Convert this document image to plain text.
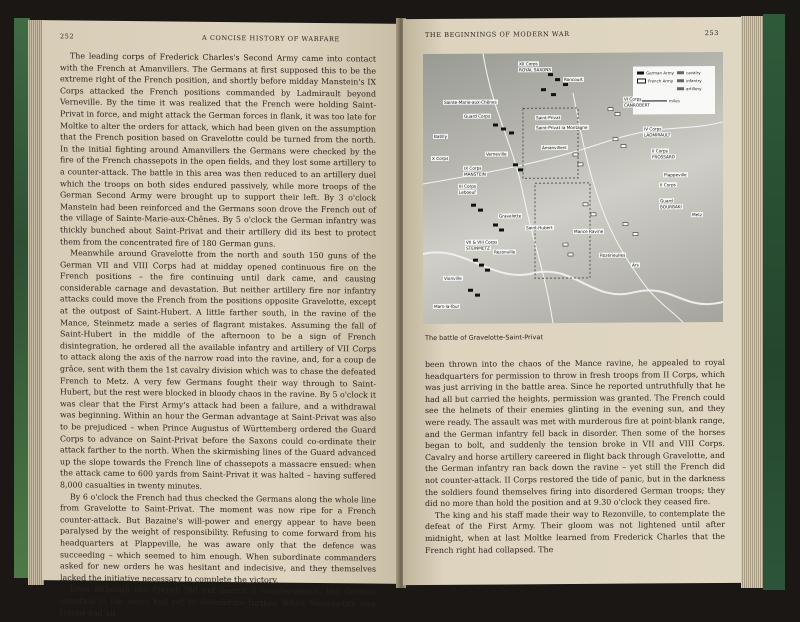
252	A CONCISE HISTORY OF WARFARE

The leading corps of Frederick Charles's Second Army came into contact with the French at Amanvillers. The Germans at first supposed this to be the extreme right of the French position, and shortly before midday Manstein's IX Corps attacked the French positions commanded by Ladmirault beyond Verneville. By the time it was realized that the French were holding Saint-Privat in force, and might attack the German forces in flank, it was too late for Moltke to alter the orders for attack, which had been given on the assumption that the French position based on Gravelotte could be turned from the north. In the initial fighting around Amanvillers the Germans were checked by the fire of the French chassepots in the open fields, and they lost some artillery to a counter-attack. The battle in this area was then reduced to an artillery duel which the troops on both sides endured passively, while more troops of the German Second Army were brought up to support their left. By 3 o'clock Manstein had been reinforced and the Germans soon drove the French out of the village of Sainte-Marie-aux-Chênes. By 5 o'clock the German infantry was thickly bunched about Saint-Privat and their artillery did its best to protect them from the concentrated fire of 180 German guns.

Meanwhile around Gravelotte from the north and south 150 guns of the German VII and VIII Corps had at midday opened continuous fire on the French positions – the fire continuing until dark came, and causing considerable carnage and devastation. But neither artillery fire nor infantry attacks could move the French from the positions opposite Gravelotte, except at the outpost of Saint-Hubert. A little farther south, in the ravine of the Mance, Steinmetz made a series of flagrant mistakes. Assuming the fall of Saint-Hubert in the middle of the afternoon to be a sign of French disintegration, he ordered all the available infantry and artillery of VII Corps to attack along the axis of the narrow road into the ravine, and, for a coup de grâce, sent with them the 1st cavalry division which was to chase the defeated French to Metz. A very few Germans fought their way through to Saint-Hubert, but the rest were blocked in bloody chaos in the ravine. By 5 o'clock it was clear that the First Army's attack had been a failure, and a withdrawal was beginning. Within an hour the German advantage at Saint-Privat was also to be prejudiced – when Prince Augustus of Württemberg ordered the Guard Corps to advance on Saint-Privat before the Saxons could co-ordinate their attack farther to the north. When the skirmishing lines of the Guard advanced up the slope towards the French line of chassepots a massacre ensued: when the attack came to 600 yards from Saint-Privat it was halted – having suffered 8,000 casualties in twenty minutes.

By 6 o'clock the French had thus checked the Germans along the whole line from Gravelotte to Saint-Privat. The moment was now ripe for a French counter-attack. But Bazaine's will-power and energy appear to have been paralysed by the weight of responsibility. Refusing to come forward from his headquarters at Plappeville, he was aware only that the defence was succeeding – which seemed to him enough. When subordinate commanders asked for new orders he was hesitant and indecisive, and they themselves lacked the initiative necessary to complete the victory.

Even although the French did not launch a counter-attack, the German situation in the south had yet to deteriorate further. When Steinmetz's own troops had all

THE BEGINNINGS OF MODERN WAR	253
German Army
French Army
cavalry
infantry
artillery
miles
XII Corps
ROYAL SAXONS
Sainte-Marie-aux-Chênes
Guard Corps	Saint-Privat
Roncourt
Saint-Privat la Montagne
Amanvillers
Batilly
VI Corps
CANROBERT
IV Corps
LADMIRAULT
X Corps
IX Corps
MANSTEIN
Verneville
III Corps
Leboeuf
II Corps
FROSSARD
Gravelotte
Saint-Hubert
Mance Ravine
VII & VIII Corps
STEINMETZ
Rezonville
Vionville
Mars-la-Tour
II Corps
Guard
BOURBAKI
Metz
Plappeville
Rozérieulles
Ars
The battle of Gravelotte-Saint-Privat

been thrown into the chaos of the Mance ravine, he appealed to royal headquarters for permission to throw in fresh troops from II Corps, which was just arriving in the battle area. Since he reported untruthfully that he had all but carried the heights, permission was granted. The French could see the helmets of their enemies glinting in the evening sun, and they were ready. The assault was met with murderous fire at point-blank range, and the German infantry fell back in disorder. Then some of the horses began to bolt, and suddenly the tension broke in VII and VIII Corps. Cavalry and horse artillery careered in flight back through Gravelotte, and the German infantry ran back down the ravine – yet still the French did not counter-attack. II Corps restored the tide of panic, but in the darkness the soldiers found themselves firing into disordered German troops; they did no more than hold the position and at 9.30 o'clock they ceased fire.

The king and his staff made their way to Rezonville, to contemplate the defeat of the First Army. Their gloom was not lightened until after midnight, when at last Moltke learned from Frederick Charles that the French right had collapsed. The
